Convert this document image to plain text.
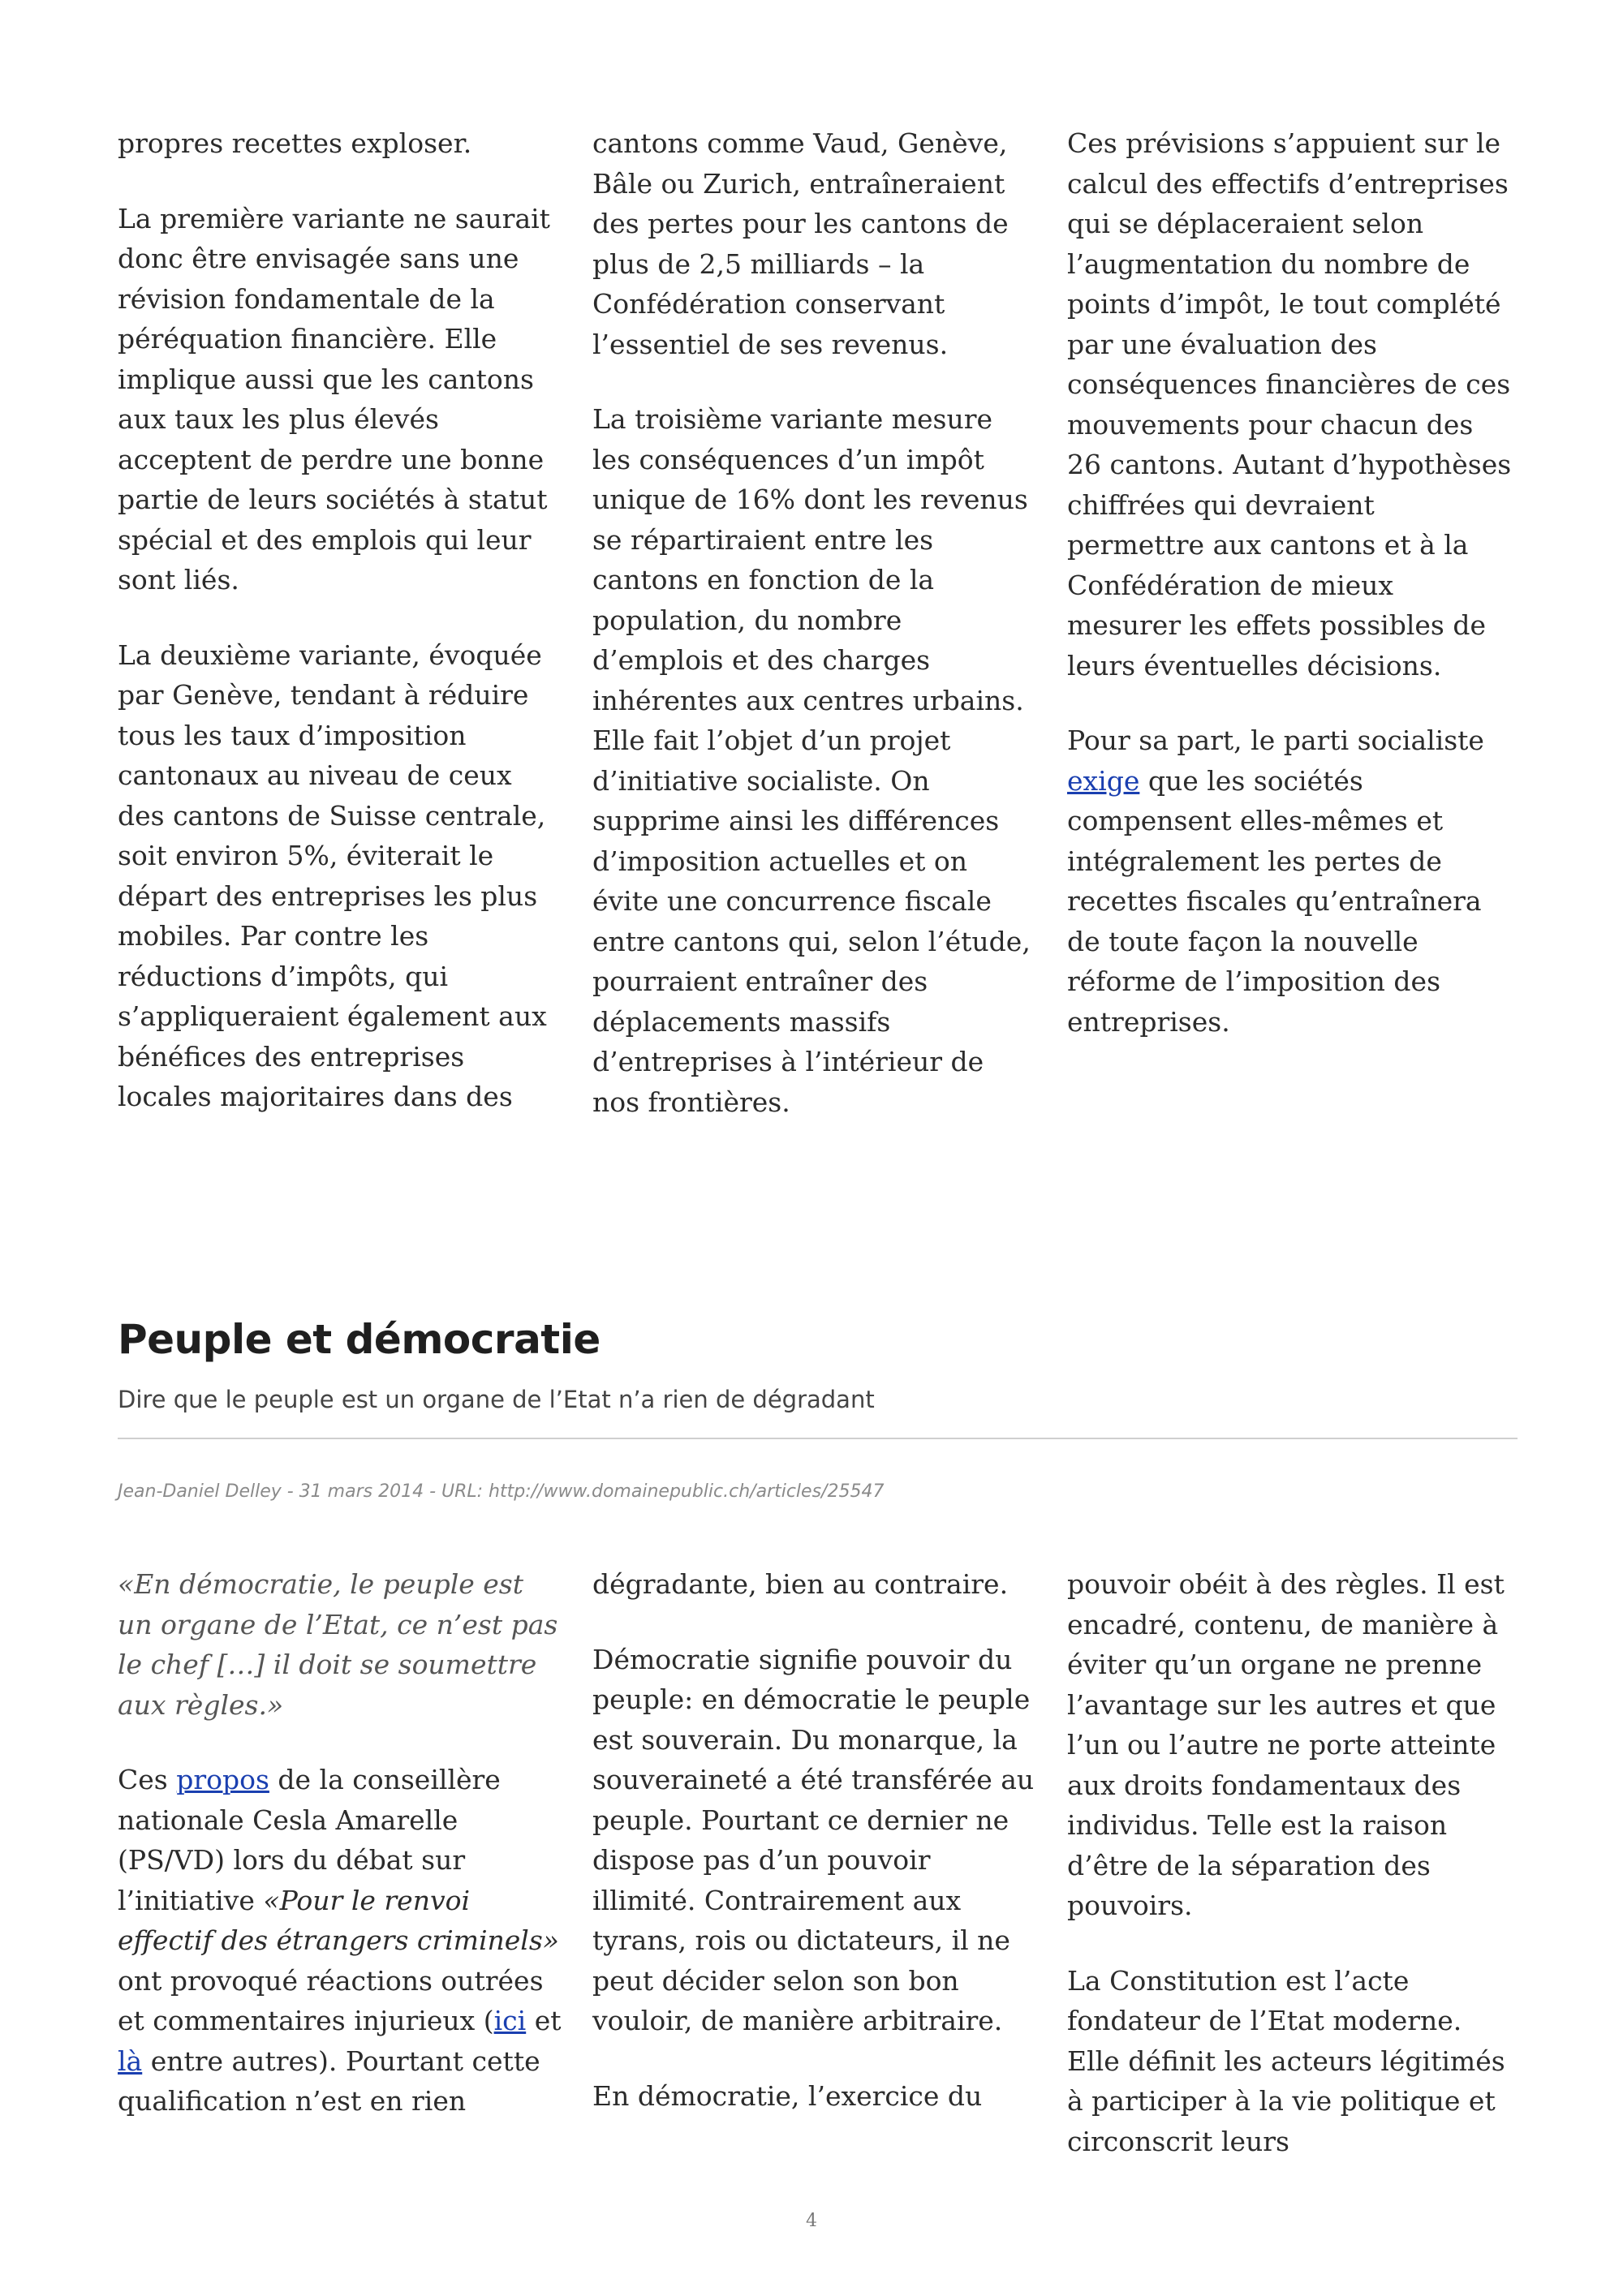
propres recettes exploser.

La première variante ne saurait donc être envisagée sans une révision fondamentale de la péréquation financière. Elle implique aussi que les cantons aux taux les plus élevés acceptent de perdre une bonne partie de leurs sociétés à statut spécial et des emplois qui leur sont liés.

La deuxième variante, évoquée par Genève, tendant à réduire tous les taux d’imposition cantonaux au niveau de ceux des cantons de Suisse centrale, soit environ 5%, éviterait le départ des entreprises les plus mobiles. Par contre les réductions d’impôts, qui s’appliqueraient également aux bénéfices des entreprises locales majoritaires dans des

cantons comme Vaud, Genève, Bâle ou Zurich, entraîneraient des pertes pour les cantons de plus de 2,5 milliards – la Confédération conservant l’essentiel de ses revenus.

La troisième variante mesure les conséquences d’un impôt unique de 16% dont les revenus se répartiraient entre les cantons en fonction de la population, du nombre d’emplois et des charges inhérentes aux centres urbains. Elle fait l’objet d’un projet d’initiative socialiste. On supprime ainsi les différences d’imposition actuelles et on évite une concurrence fiscale entre cantons qui, selon l’étude, pourraient entraîner des déplacements massifs d’entreprises à l’intérieur de nos frontières.

Ces prévisions s’appuient sur le calcul des effectifs d’entreprises qui se déplaceraient selon l’augmentation du nombre de points d’impôt, le tout complété par une évaluation des conséquences financières de ces mouvements pour chacun des 26 cantons. Autant d’hypothèses chiffrées qui devraient permettre aux cantons et à la Confédération de mieux mesurer les effets possibles de leurs éventuelles décisions.

Pour sa part, le parti socialiste exige que les sociétés compensent elles-mêmes et intégralement les pertes de recettes fiscales qu’entraînera de toute façon la nouvelle réforme de l’imposition des entreprises.

Peuple et démocratie

Dire que le peuple est un organe de l’Etat n’a rien de dégradant

Jean-Daniel Delley - 31 mars 2014 - URL: http://www.domainepublic.ch/articles/25547

«En démocratie, le peuple est un organe de l’Etat, ce n’est pas le chef […] il doit se soumettre aux règles.»

Ces propos de la conseillère nationale Cesla Amarelle (PS/VD) lors du débat sur l’initiative «Pour le renvoi effectif des étrangers criminels» ont provoqué réactions outrées et commentaires injurieux (ici et là entre autres). Pourtant cette qualification n’est en rien

dégradante, bien au contraire.

Démocratie signifie pouvoir du peuple: en démocratie le peuple est souverain. Du monarque, la souveraineté a été transférée au peuple. Pourtant ce dernier ne dispose pas d’un pouvoir illimité. Contrairement aux tyrans, rois ou dictateurs, il ne peut décider selon son bon vouloir, de manière arbitraire.

En démocratie, l’exercice du

pouvoir obéit à des règles. Il est encadré, contenu, de manière à éviter qu’un organe ne prenne l’avantage sur les autres et que l’un ou l’autre ne porte atteinte aux droits fondamentaux des individus. Telle est la raison d’être de la séparation des pouvoirs.

La Constitution est l’acte fondateur de l’Etat moderne. Elle définit les acteurs légitimés à participer à la vie politique et circonscrit leurs

4
